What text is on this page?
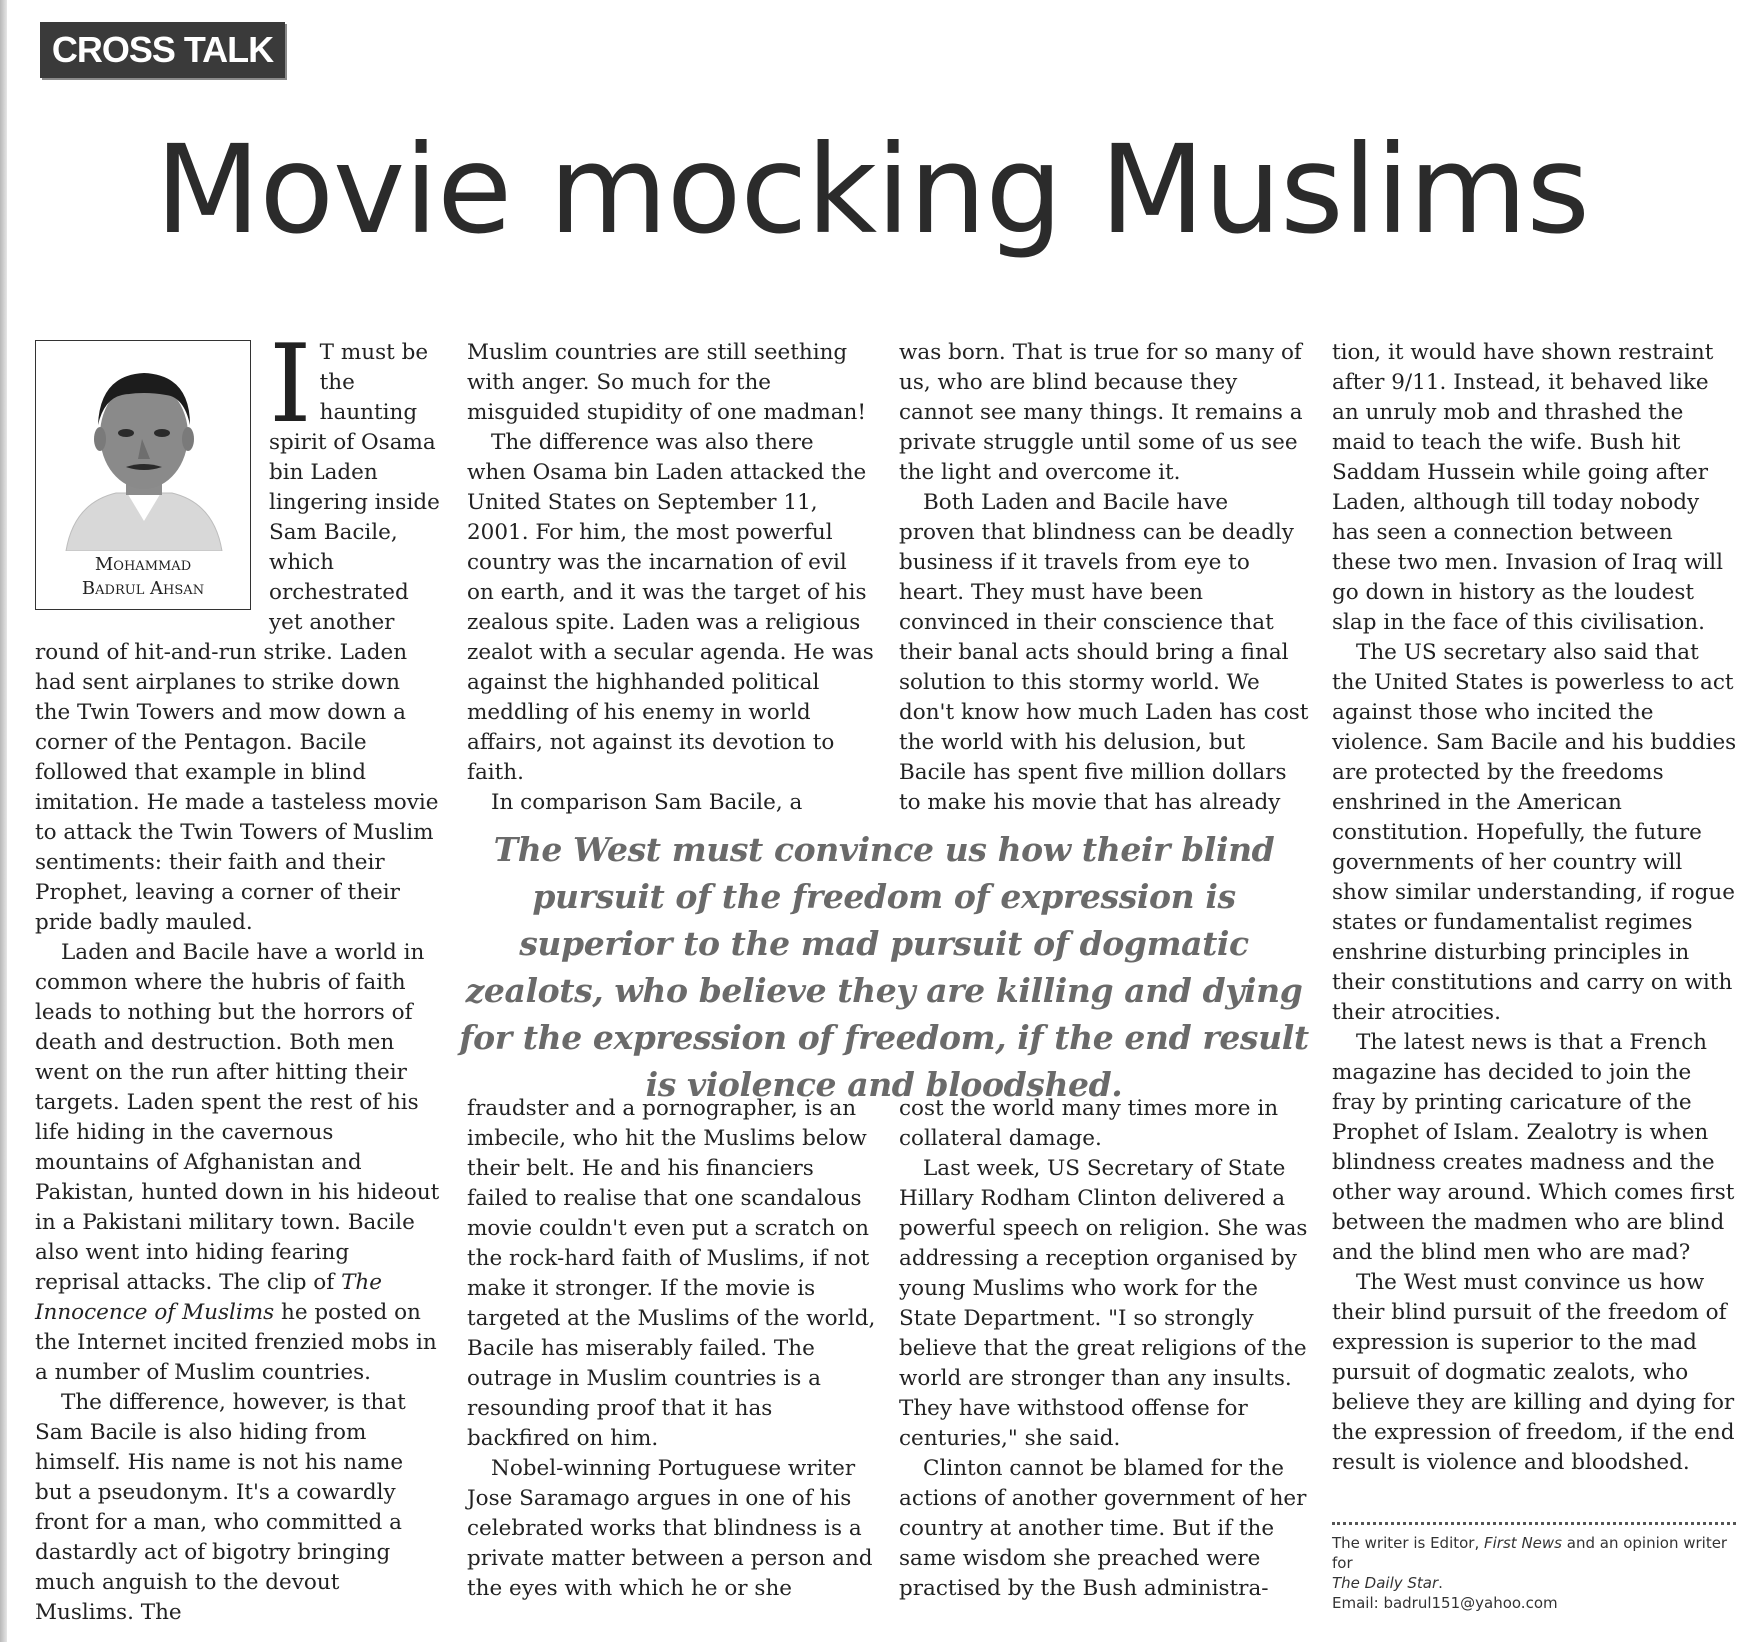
CROSS TALK
Movie mocking Muslims
Mohammad
Badrul Ahsan

I T must be the haunting spirit of Osama bin Laden lingering inside Sam Bacile, which orchestrated yet another round of hit-and-run strike. Laden had sent airplanes to strike down the Twin Towers and mow down a corner of the Pentagon. Bacile followed that example in blind imitation. He made a tasteless movie to attack the Twin Towers of Muslim sentiments: their faith and their Prophet, leaving a corner of their pride badly mauled.

Laden and Bacile have a world in common where the hubris of faith leads to nothing but the horrors of death and destruction. Both men went on the run after hitting their targets. Laden spent the rest of his life hiding in the cavernous mountains of Afghanistan and Pakistan, hunted down in his hideout in a Pakistani military town. Bacile also went into hiding fearing reprisal attacks. The clip of The Innocence of Muslims he posted on the Internet incited frenzied mobs in a number of Muslim countries.

The difference, however, is that Sam Bacile is also hiding from himself. His name is not his name but a pseudonym. It's a cowardly front for a man, who committed a dastardly act of bigotry bringing much anguish to the devout Muslims. The

Muslim countries are still seething with anger. So much for the misguided stupidity of one madman!

The difference was also there when Osama bin Laden attacked the United States on September 11, 2001. For him, the most powerful country was the incarnation of evil on earth, and it was the target of his zealous spite. Laden was a religious zealot with a secular agenda. He was against the highhanded political meddling of his enemy in world affairs, not against its devotion to faith.

In comparison Sam Bacile, a

was born. That is true for so many of us, who are blind because they cannot see many things. It remains a private struggle until some of us see the light and overcome it.

Both Laden and Bacile have proven that blindness can be deadly business if it travels from eye to heart. They must have been convinced in their conscience that their banal acts should bring a final solution to this stormy world. We don't know how much Laden has cost the world with his delusion, but Bacile has spent five million dollars to make his movie that has already

The West must convince us how their blind pursuit of the freedom of expression is superior to the mad pursuit of dogmatic zealots, who believe they are killing and dying for the expression of freedom, if the end result is violence and bloodshed.

fraudster and a pornographer, is an imbecile, who hit the Muslims below their belt. He and his financiers failed to realise that one scandalous movie couldn't even put a scratch on the rock-hard faith of Muslims, if not make it stronger. If the movie is targeted at the Muslims of the world, Bacile has miserably failed. The outrage in Muslim countries is a resounding proof that it has backfired on him.

Nobel-winning Portuguese writer Jose Saramago argues in one of his celebrated works that blindness is a private matter between a person and the eyes with which he or she

cost the world many times more in collateral damage.

Last week, US Secretary of State Hillary Rodham Clinton delivered a powerful speech on religion. She was addressing a reception organised by young Muslims who work for the State Department. "I so strongly believe that the great religions of the world are stronger than any insults. They have withstood offense for centuries," she said.

Clinton cannot be blamed for the actions of another government of her country at another time. But if the same wisdom she preached were practised by the Bush administra-

tion, it would have shown restraint after 9/11. Instead, it behaved like an unruly mob and thrashed the maid to teach the wife. Bush hit Saddam Hussein while going after Laden, although till today nobody has seen a connection between these two men. Invasion of Iraq will go down in history as the loudest slap in the face of this civilisation.

The US secretary also said that the United States is powerless to act against those who incited the violence. Sam Bacile and his buddies are protected by the freedoms enshrined in the American constitution. Hopefully, the future governments of her country will show similar understanding, if rogue states or fundamentalist regimes enshrine disturbing principles in their constitutions and carry on with their atrocities.

The latest news is that a French magazine has decided to join the fray by printing caricature of the Prophet of Islam. Zealotry is when blindness creates madness and the other way around. Which comes first between the madmen who are blind and the blind men who are mad?

The West must convince us how their blind pursuit of the freedom of expression is superior to the mad pursuit of dogmatic zealots, who believe they are killing and dying for the expression of freedom, if the end result is violence and bloodshed.

The writer is Editor, First News and an opinion writer for
The Daily Star.
Email: badrul151@yahoo.com
